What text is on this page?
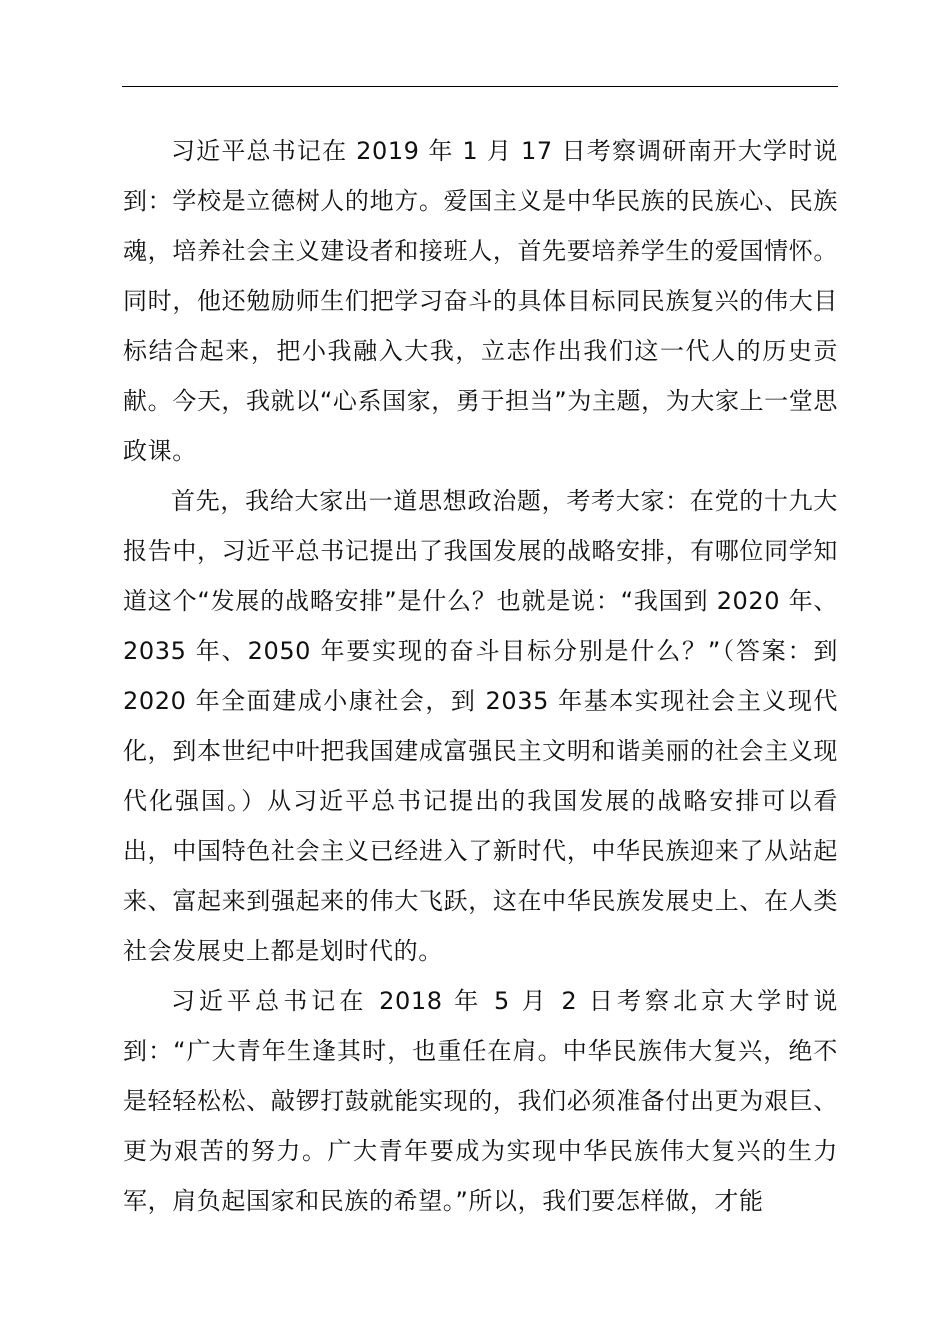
习近平总书记在 2019 年 1 月 17 日考察调研南开大学时说到：学校是立德树人的地方。爱国主义是中华民族的民族心、民族魂，培养社会主义建设者和接班人，首先要培养学生的爱国情怀。同时，他还勉励师生们把学习奋斗的具体目标同民族复兴的伟大目标结合起来，把小我融入大我，立志作出我们这一代人的历史贡献。今天，我就以“心系国家，勇于担当”为主题，为大家上一堂思政课。

首先，我给大家出一道思想政治题，考考大家：在党的十九大报告中，习近平总书记提出了我国发展的战略安排，有哪位同学知道这个“发展的战略安排”是什么？也就是说：“我国到 2020 年、2035 年、2050 年要实现的奋斗目标分别是什么？”（答案：到 2020 年全面建成小康社会，到 2035 年基本实现社会主义现代化，到本世纪中叶把我国建成富强民主文明和谐美丽的社会主义现代化强国。）从习近平总书记提出的我国发展的战略安排可以看出，中国特色社会主义已经进入了新时代，中华民族迎来了从站起来、富起来到强起来的伟大飞跃，这在中华民族发展史上、在人类社会发展史上都是划时代的。

习近平总书记在 2018 年 5 月 2 日考察北京大学时说到：“广大青年生逢其时，也重任在肩。中华民族伟大复兴，绝不是轻轻松松、敲锣打鼓就能实现的，我们必须准备付出更为艰巨、更为艰苦的努力。广大青年要成为实现中华民族伟大复兴的生力军，肩负起国家和民族的希望。”所以，我们要怎样做，才能
